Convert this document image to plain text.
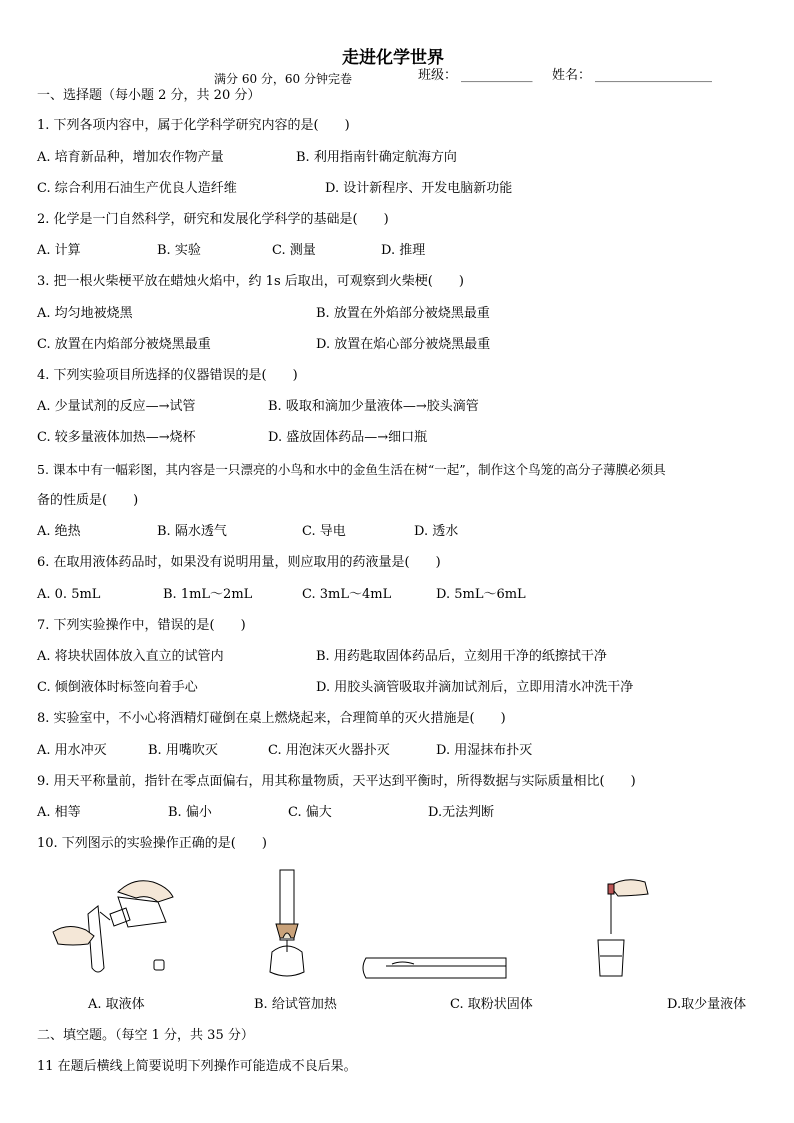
走进化学世界
满分 60 分，60 分钟完卷	班级： ___________ 姓名： __________________
一、选择题（每小题 2 分，共 20 分）
1. 下列各项内容中，属于化学科学研究内容的是(　　)
A. 培育新品种，增加农作物产量	B. 利用指南针确定航海方向
C. 综合利用石油生产优良人造纤维	D. 设计新程序、开发电脑新功能
2. 化学是一门自然科学，研究和发展化学科学的基础是(　　)
A. 计算	B. 实验	C. 测量	D. 推理
3. 把一根火柴梗平放在蜡烛火焰中，约 1s 后取出，可观察到火柴梗(　　)
A. 均匀地被烧黑	B. 放置在外焰部分被烧黑最重
C. 放置在内焰部分被烧黑最重	D. 放置在焰心部分被烧黑最重
4. 下列实验项目所选择的仪器错误的是(　　)
A. 少量试剂的反应—→试管	B. 吸取和滴加少量液体—→胶头滴管
C. 较多量液体加热—→烧杯	D. 盛放固体药品—→细口瓶
5. 课本中有一幅彩图，其内容是一只漂亮的小鸟和水中的金鱼生活在树“一起”，制作这个鸟笼的高分子薄膜必须具
备的性质是(　　)
A. 绝热	B. 隔水透气	C. 导电	D. 透水
6. 在取用液体药品时，如果没有说明用量，则应取用的药液量是(　　)
A. 0. 5mL	B. 1mL～2mL	C. 3mL～4mL	D. 5mL～6mL
7. 下列实验操作中，错误的是(　　)
A. 将块状固体放入直立的试管内	B. 用药匙取固体药品后，立刻用干净的纸擦拭干净
C. 倾倒液体时标签向着手心	D. 用胶头滴管吸取并滴加试剂后，立即用清水冲洗干净
8. 实验室中，不小心将酒精灯碰倒在桌上燃烧起来，合理简单的灭火措施是(　　)
A. 用水冲灭	B. 用嘴吹灭	C. 用泡沫灭火器扑灭	D. 用湿抹布扑灭
9. 用天平称量前，指针在零点面偏右，用其称量物质，天平达到平衡时，所得数据与实际质量相比(　　)
A. 相等	B. 偏小	C. 偏大	D.无法判断
10. 下列图示的实验操作正确的是(　　)
A. 取液体	B. 给试管加热	C. 取粉状固体	D.取少量液体
二、填空题。（每空 1 分，共 35 分）
11 在题后横线上简要说明下列操作可能造成不良后果。
